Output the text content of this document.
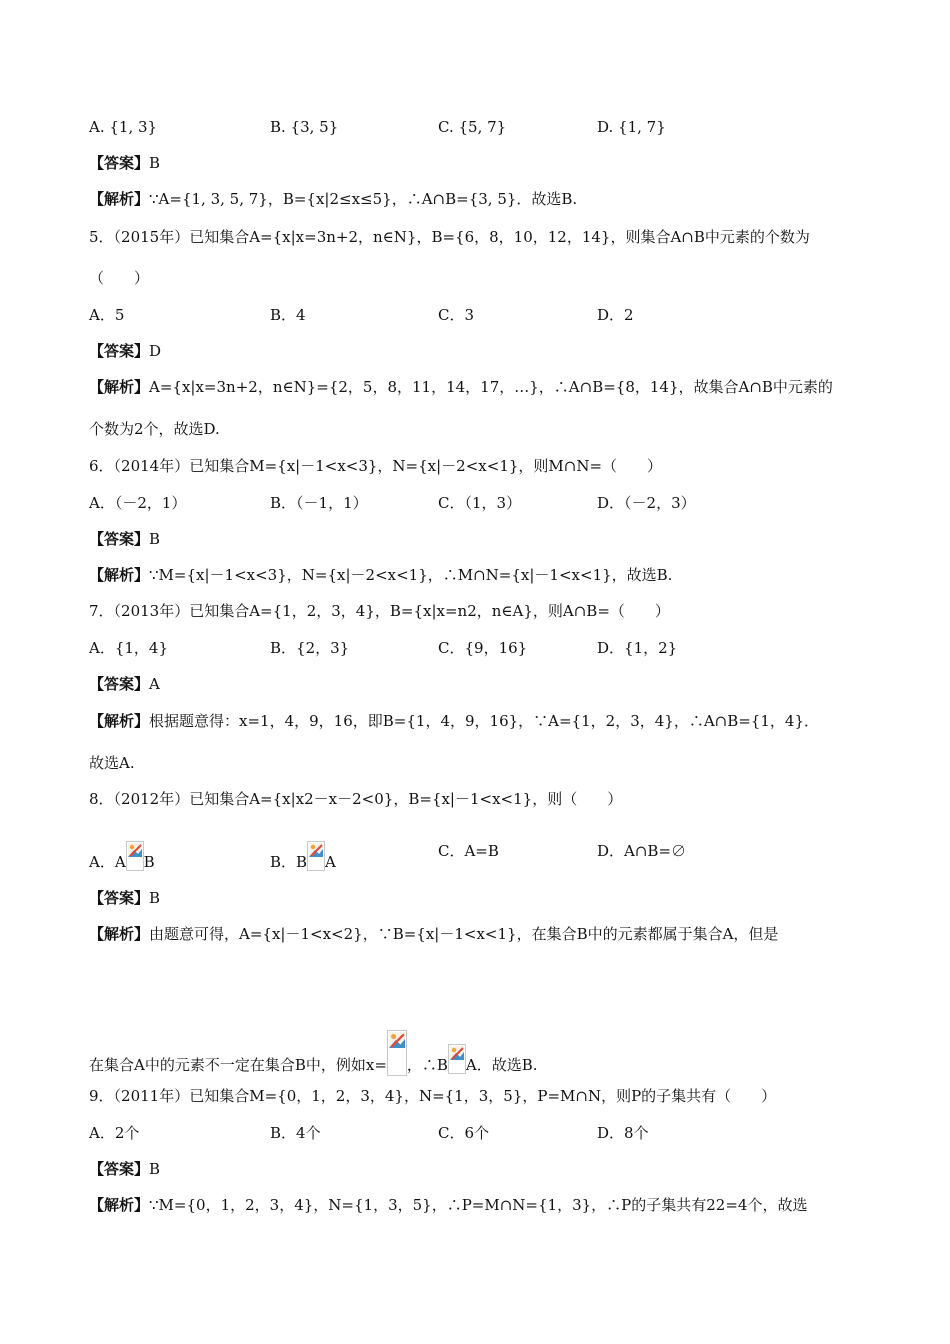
A. {1, 3}	B. {3, 5}	C. {5, 7}	D. {1, 7}
【答案】B
【解析】∵A={1, 3, 5, 7}，B={x|2≤x≤5}，∴A∩B={3, 5}．故选B.
5．（2015年）已知集合A={x|x=3n+2，n∈N}，B={6，8，10，12，14}，则集合A∩B中元素的个数为
（　　）
A．5	B．4	C．3	D．2
【答案】D
【解析】A={x|x=3n+2，n∈N}={2，5，8，11，14，17，…}，∴A∩B={8，14}，故集合A∩B中元素的
个数为2个，故选D.
6．（2014年）已知集合M={x|－1<x<3}，N={x|－2<x<1}，则M∩N=（　　）
A．（－2，1）	B．（－1，1）	C．（1，3）	D．（－2，3）
【答案】B
【解析】∵M={x|－1<x<3}，N={x|－2<x<1}，∴M∩N={x|－1<x<1}，故选B.
7．（2013年）已知集合A={1，2，3，4}，B={x|x=n2，n∈A}，则A∩B=（　　）
A．{1，4}	B．{2，3}	C．{9，16}	D．{1，2}
【答案】A
【解析】根据题意得：x=1，4，9，16，即B={1，4，9，16}，∵A={1，2，3，4}，∴A∩B={1，4}．
故选A.
8．（2012年）已知集合A={x|x2－x－2<0}，B={x|－1<x<1}，则（　　）
A．A B	B．B A
C．A=B	D．A∩B=∅
【答案】B
【解析】由题意可得，A={x|－1<x<2}，∵B={x|－1<x<1}，在集合B中的元素都属于集合A，但是
在集合A中的元素不一定在集合B中，例如x= ，∴B A．故选B.
9．（2011年）已知集合M={0，1，2，3，4}，N={1，3，5}，P=M∩N，则P的子集共有（　　）
A．2个	B．4个	C．6个	D．8个
【答案】B
【解析】∵M={0，1，2，3，4}，N={1，3，5}，∴P=M∩N={1，3}，∴P的子集共有22=4个，故选
